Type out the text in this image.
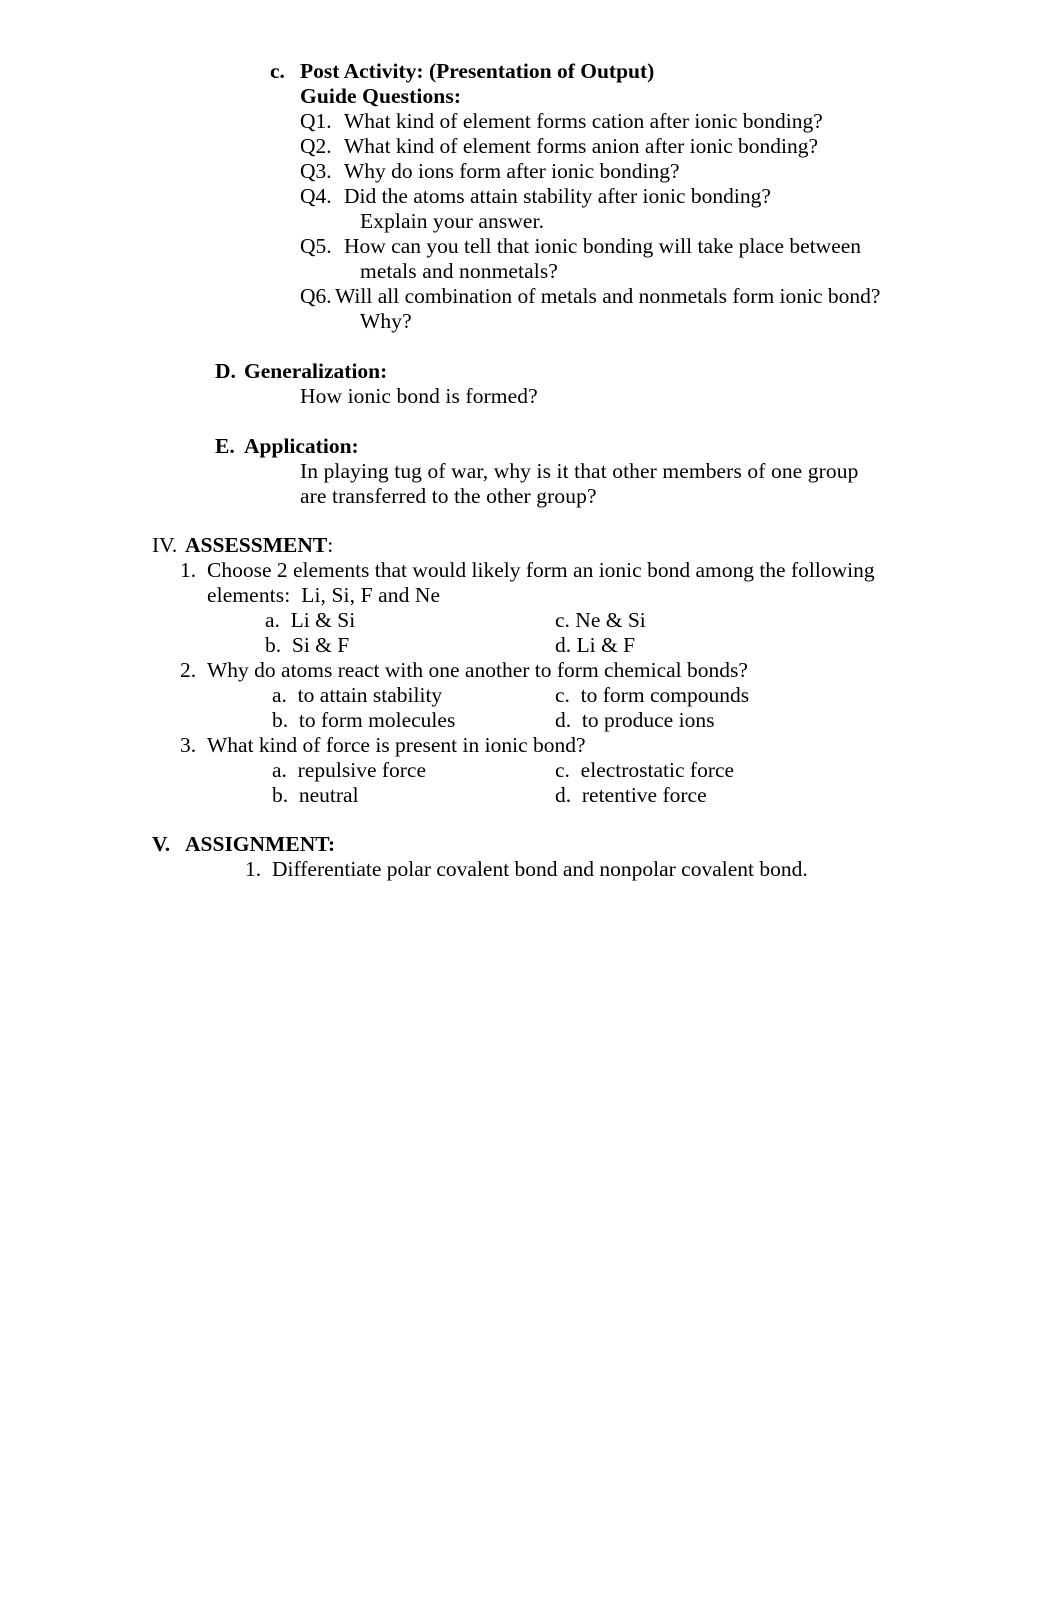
c. Post Activity: (Presentation of Output)
Guide Questions:
Q1. What kind of element forms cation after ionic bonding?
Q2. What kind of element forms anion after ionic bonding?
Q3. Why do ions form after ionic bonding?
Q4. Did the atoms attain stability after ionic bonding?
Explain your answer.
Q5. How can you tell that ionic bonding will take place between
metals and nonmetals?
Q6. Will all combination of metals and nonmetals form ionic bond?
Why?
D. Generalization:
How ionic bond is formed?
E. Application:
In playing tug of war, why is it that other members of one group
are transferred to the other group?
IV. ASSESSMENT :
1. Choose 2 elements that would likely form an ionic bond among the following
elements:  Li, Si, F and Ne

a. Li & Si

	c. Ne & Si

b. Si & F

	d. Li & F

2. Why do atoms react with one another to form chemical bonds?

a. to attain stability

	c. to form compounds

b. to form molecules

	d. to produce ions

3. What kind of force is present in ionic bond?

a. repulsive force

	c. electrostatic force

b. neutral

	d. retentive force

V. ASSIGNMENT:
1. Differentiate polar covalent bond and nonpolar covalent bond.
